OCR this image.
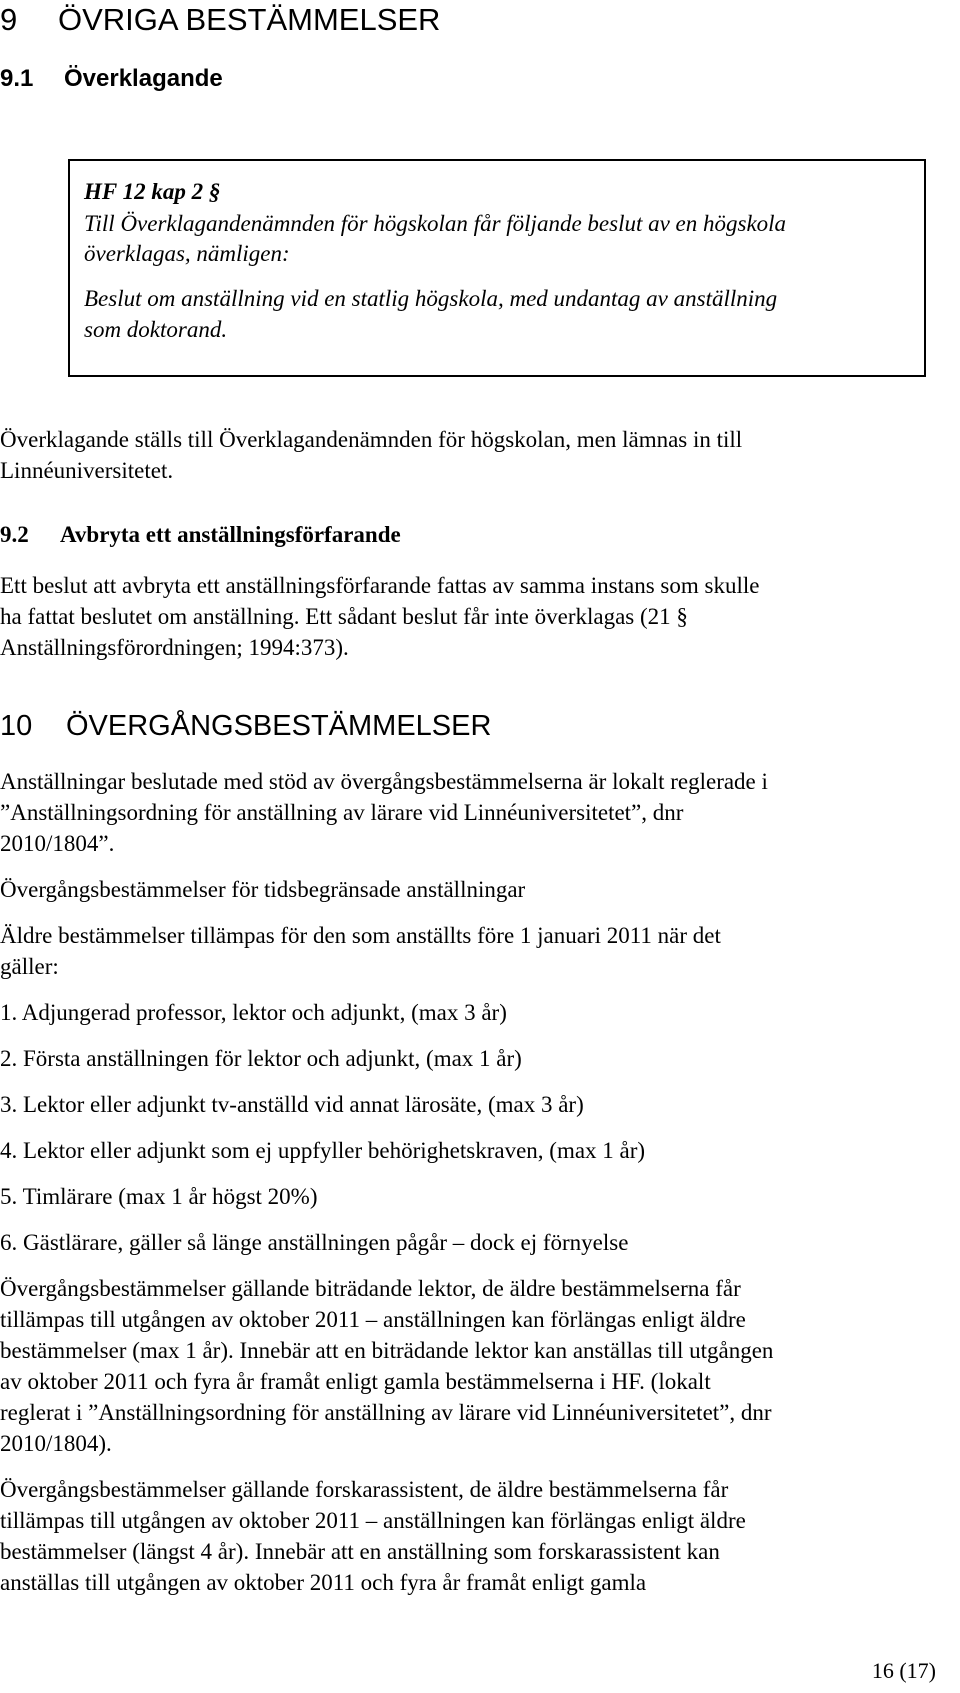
9 ÖVRIGA BESTÄMMELSER
9.1 Överklagande
HF 12 kap 2 §
Till Överklagandenämnden för högskolan får följande beslut av en högskola
överklagas, nämligen:
Beslut om anställning vid en statlig högskola, med undantag av anställning
som doktorand.
Överklagande ställs till Överklagandenämnden för högskolan, men lämnas in till
Linnéuniversitetet.
9.2 Avbryta ett anställningsförfarande
Ett beslut att avbryta ett anställningsförfarande fattas av samma instans som skulle
ha fattat beslutet om anställning. Ett sådant beslut får inte överklagas (21 §
Anställningsförordningen; 1994:373).
10 ÖVERGÅNGSBESTÄMMELSER
Anställningar beslutade med stöd av övergångsbestämmelserna är lokalt reglerade i
”Anställningsordning för anställning av lärare vid Linnéuniversitetet”, dnr
2010/1804”.
Övergångsbestämmelser för tidsbegränsade anställningar
Äldre bestämmelser tillämpas för den som anställts före 1 januari 2011 när det
gäller:
1. Adjungerad professor, lektor och adjunkt, (max 3 år)
2. Första anställningen för lektor och adjunkt, (max 1 år)
3. Lektor eller adjunkt tv-anställd vid annat lärosäte, (max 3 år)
4. Lektor eller adjunkt som ej uppfyller behörighetskraven, (max 1 år)
5. Timlärare (max 1 år högst 20%)
6. Gästlärare, gäller så länge anställningen pågår – dock ej förnyelse
Övergångsbestämmelser gällande biträdande lektor, de äldre bestämmelserna får
tillämpas till utgången av oktober 2011 – anställningen kan förlängas enligt äldre
bestämmelser (max 1 år). Innebär att en biträdande lektor kan anställas till utgången
av oktober 2011 och fyra år framåt enligt gamla bestämmelserna i HF. (lokalt
reglerat i ”Anställningsordning för anställning av lärare vid Linnéuniversitetet”, dnr
2010/1804).
Övergångsbestämmelser gällande forskarassistent, de äldre bestämmelserna får
tillämpas till utgången av oktober 2011 – anställningen kan förlängas enligt äldre
bestämmelser (längst 4 år). Innebär att en anställning som forskarassistent kan
anställas till utgången av oktober 2011 och fyra år framåt enligt gamla
16 (17)
